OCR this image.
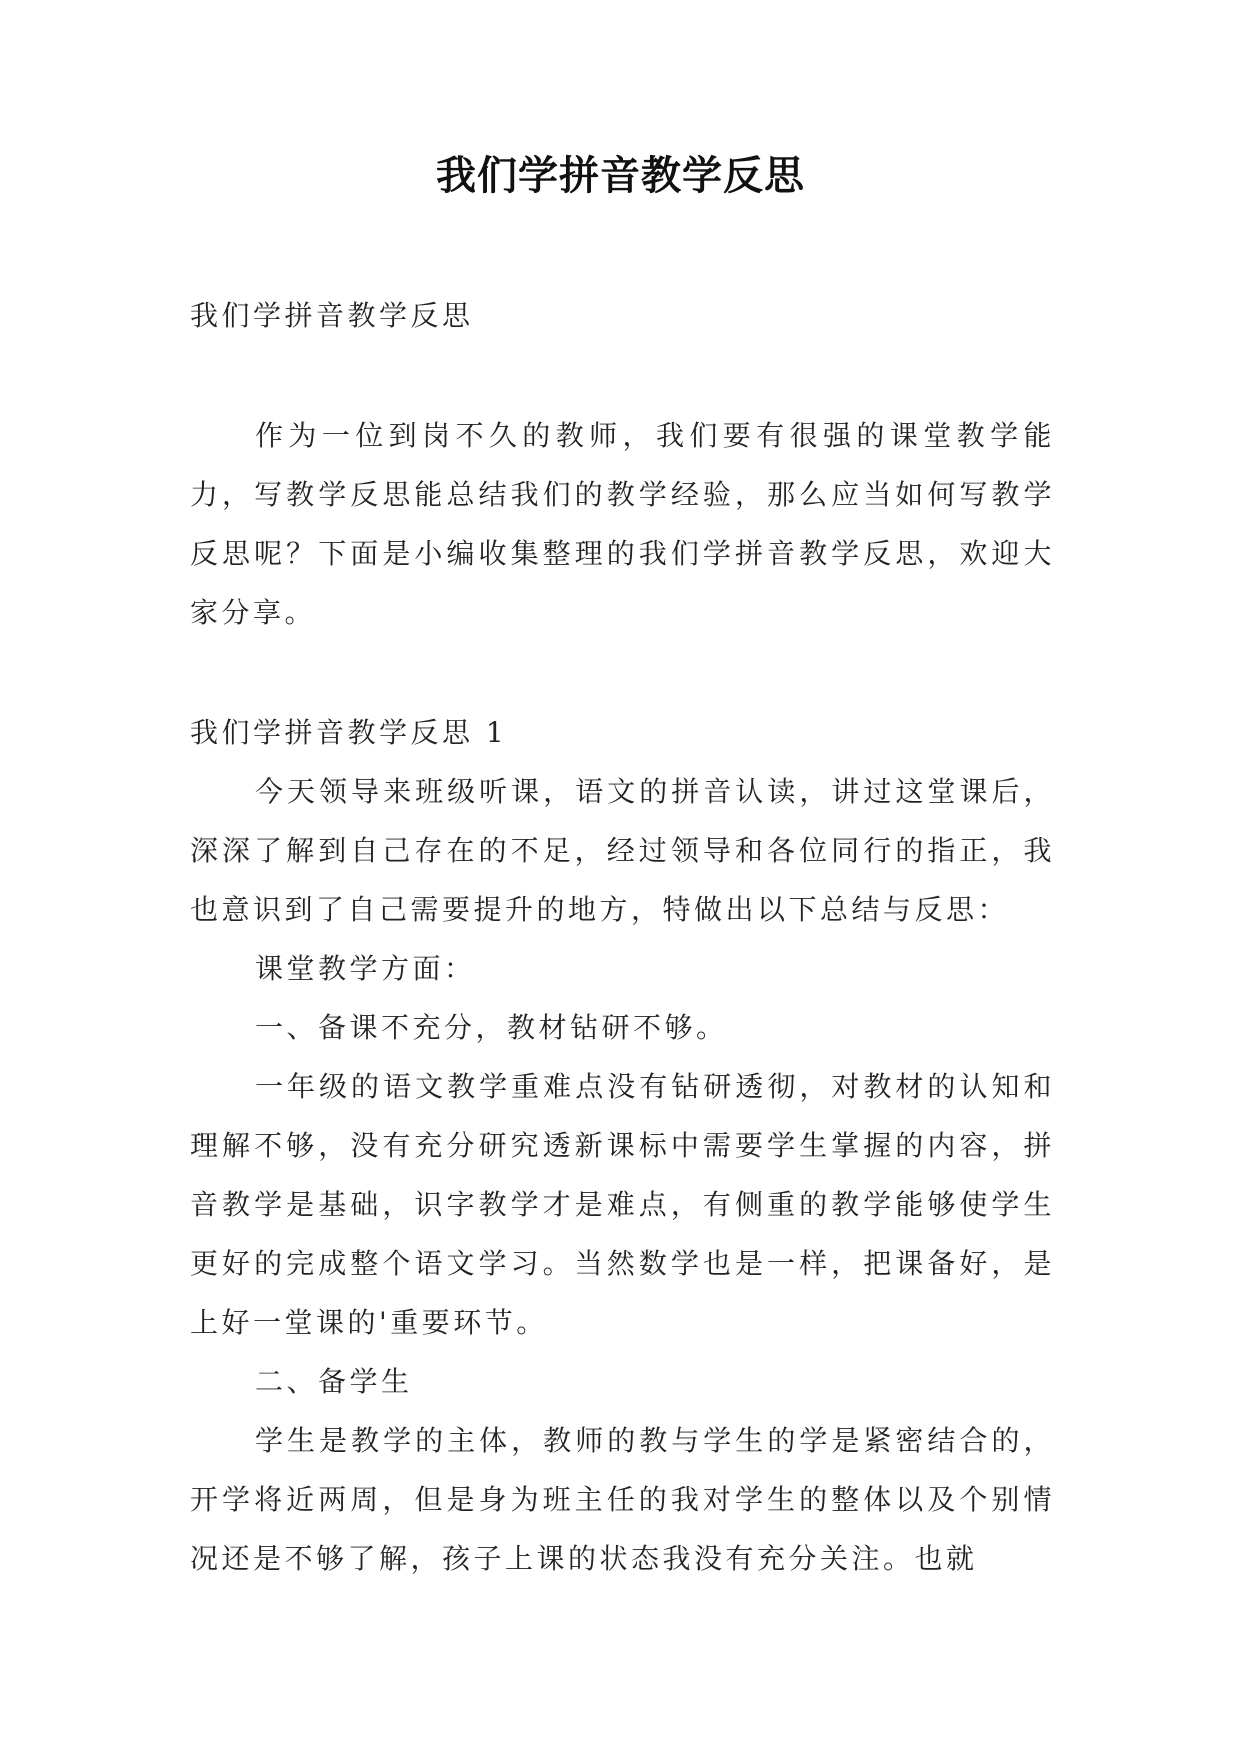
我们学拼音教学反思

我们学拼音教学反思

作为一位到岗不久的教师，我们要有很强的课堂教学能力，写教学反思能总结我们的教学经验，那么应当如何写教学反思呢？下面是小编收集整理的我们学拼音教学反思，欢迎大家分享。

我们学拼音教学反思 1

今天领导来班级听课，语文的拼音认读，讲过这堂课后，深深了解到自己存在的不足，经过领导和各位同行的指正，我也意识到了自己需要提升的地方，特做出以下总结与反思：

课堂教学方面：

一、备课不充分，教材钻研不够。

一年级的语文教学重难点没有钻研透彻，对教材的认知和理解不够，没有充分研究透新课标中需要学生掌握的内容，拼音教学是基础，识字教学才是难点，有侧重的教学能够使学生更好的完成整个语文学习。当然数学也是一样，把课备好，是上好一堂课的'重要环节。

二、备学生

学生是教学的主体，教师的教与学生的学是紧密结合的，开学将近两周，但是身为班主任的我对学生的整体以及个别情况还是不够了解，孩子上课的状态我没有充分关注。也就
